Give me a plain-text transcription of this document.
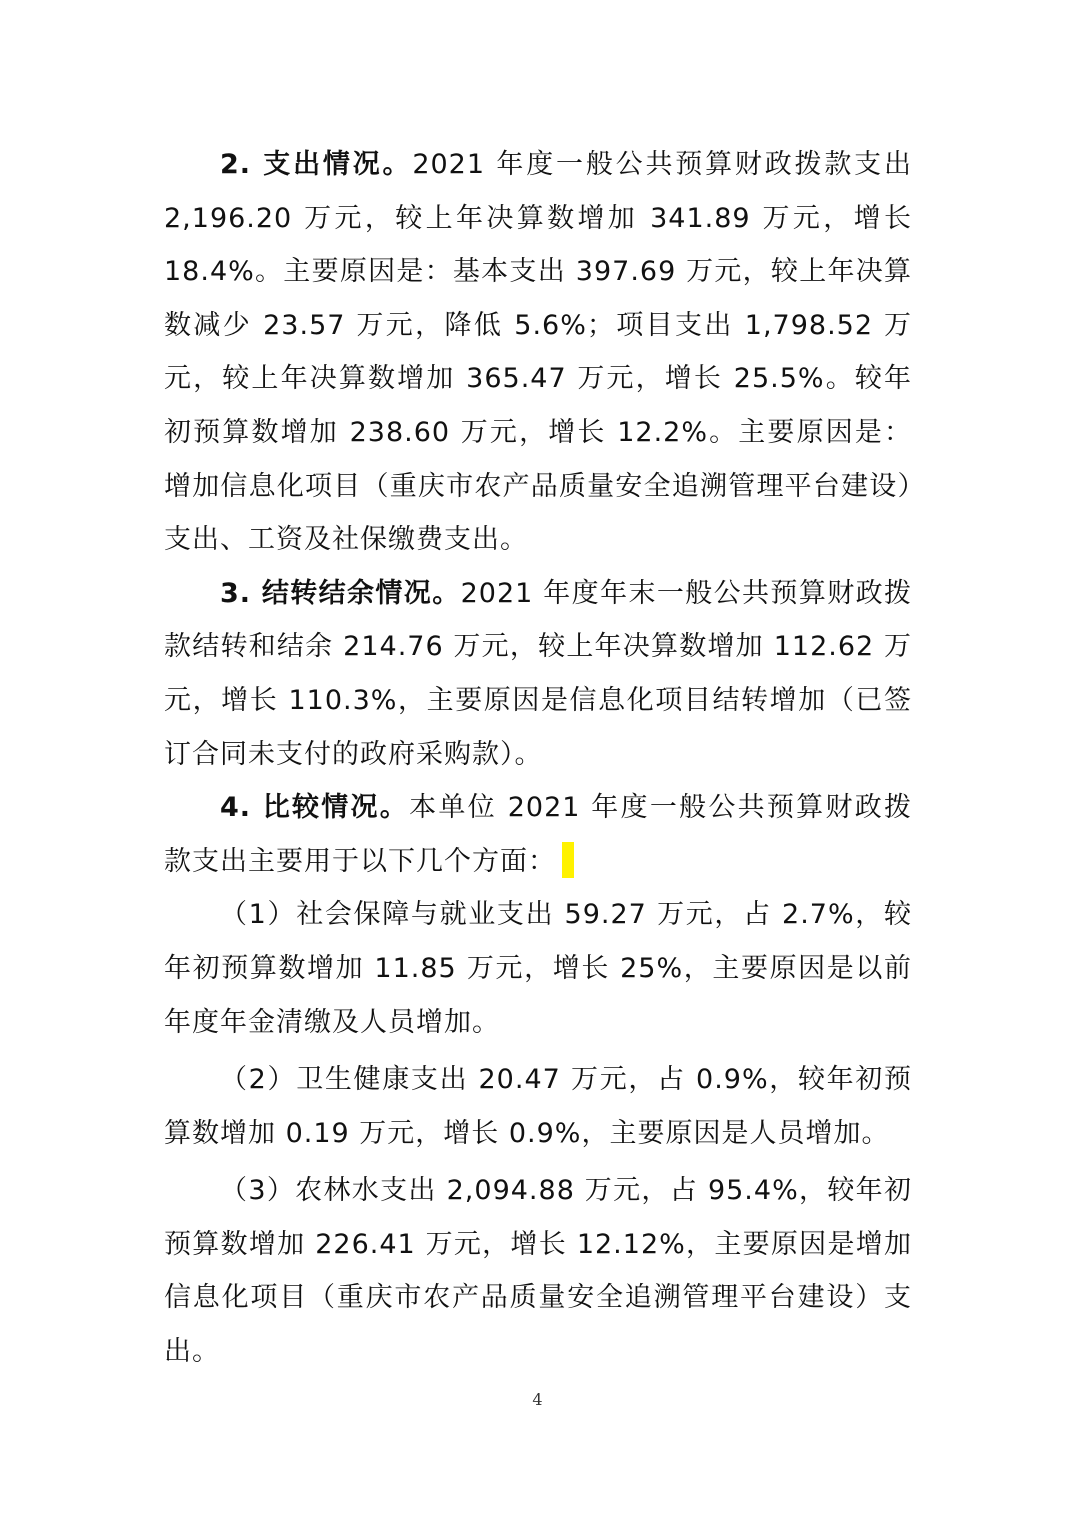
2. 支出情况。2021 年度一般公共预算财政拨款支出 2,196.20 万元，较上年决算数增加 341.89 万元，增长 18.4%。主要原因是：基本支出 397.69 万元，较上年决算数减少 23.57 万元，降低 5.6%；项目支出 1,798.52 万元，较上年决算数增加 365.47 万元，增长 25.5%。较年初预算数增加 238.60 万元，增长 12.2%。主要原因是：增加信息化项目（重庆市农产品质量安全追溯管理平台建设）支出、工资及社保缴费支出。

3. 结转结余情况。2021 年度年末一般公共预算财政拨款结转和结余 214.76 万元，较上年决算数增加 112.62 万元，增长 110.3%，主要原因是信息化项目结转增加（已签订合同未支付的政府采购款）。

4. 比较情况。本单位 2021 年度一般公共预算财政拨款支出主要用于以下几个方面：

（1）社会保障与就业支出 59.27 万元，占 2.7%，较年初预算数增加 11.85 万元，增长 25%，主要原因是以前年度年金清缴及人员增加。

（2）卫生健康支出 20.47 万元，占 0.9%，较年初预算数增加 0.19 万元，增长 0.9%，主要原因是人员增加。

（3）农林水支出 2,094.88 万元，占 95.4%，较年初预算数增加 226.41 万元，增长 12.12%，主要原因是增加信息化项目（重庆市农产品质量安全追溯管理平台建设）支出。

4
